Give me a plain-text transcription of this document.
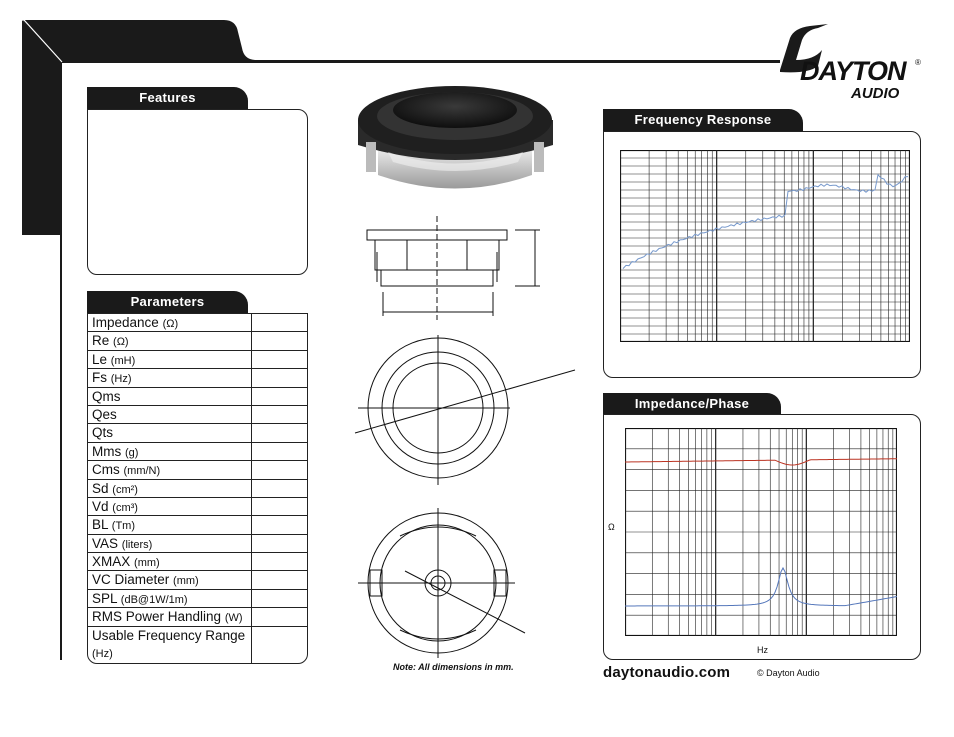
DAYTON ®
AUDIO
Features
Parameters
Impedance (Ω)
Re (Ω)
Le (mH)
Fs (Hz)
Qms
Qes
Qts
Mms (g)
Cms (mm/N)
Sd (cm²)
Vd (cm³)
BL (Tm)
VAS (liters)
XMAX (mm)
VC Diameter (mm)
SPL (dB@1W/1m)
RMS Power Handling (W)
Usable Frequency Range (Hz)
Note: All dimensions in mm.
Frequency Response
Impedance/Phase
Ω
Hz
daytonaudio.com	© Dayton Audio
